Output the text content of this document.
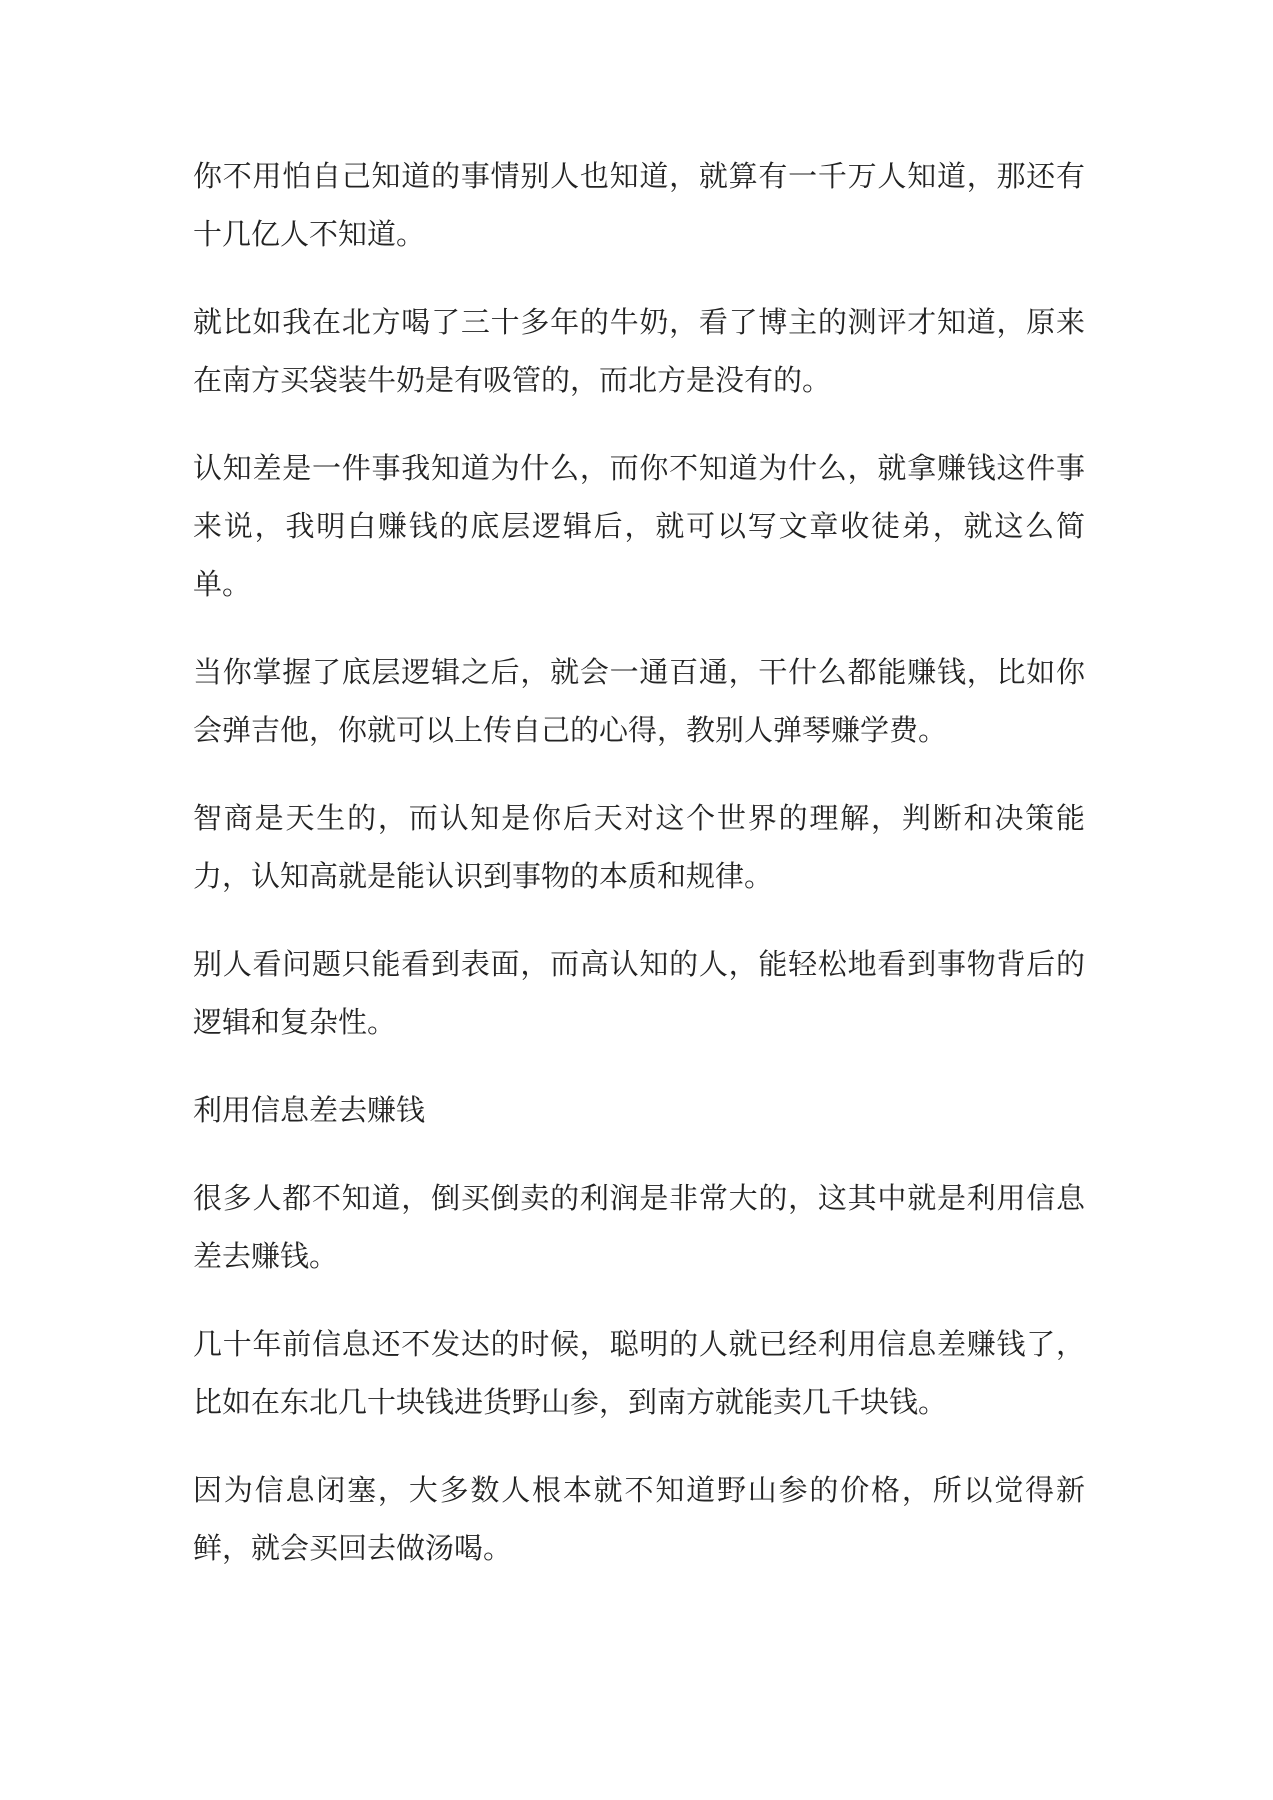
你不用怕自己知道的事情别人也知道，就算有一千万人知道，那还有十几亿人不知道。

就比如我在北方喝了三十多年的牛奶，看了博主的测评才知道，原来在南方买袋装牛奶是有吸管的，而北方是没有的。

认知差是一件事我知道为什么，而你不知道为什么，就拿赚钱这件事来说，我明白赚钱的底层逻辑后，就可以写文章收徒弟，就这么简单。

当你掌握了底层逻辑之后，就会一通百通，干什么都能赚钱，比如你会弹吉他，你就可以上传自己的心得，教别人弹琴赚学费。

智商是天生的，而认知是你后天对这个世界的理解，判断和决策能力，认知高就是能认识到事物的本质和规律。

别人看问题只能看到表面，而高认知的人，能轻松地看到事物背后的逻辑和复杂性。

利用信息差去赚钱

很多人都不知道，倒买倒卖的利润是非常大的，这其中就是利用信息差去赚钱。

几十年前信息还不发达的时候，聪明的人就已经利用信息差赚钱了，比如在东北几十块钱进货野山参，到南方就能卖几千块钱。

因为信息闭塞，大多数人根本就不知道野山参的价格，所以觉得新鲜，就会买回去做汤喝。
